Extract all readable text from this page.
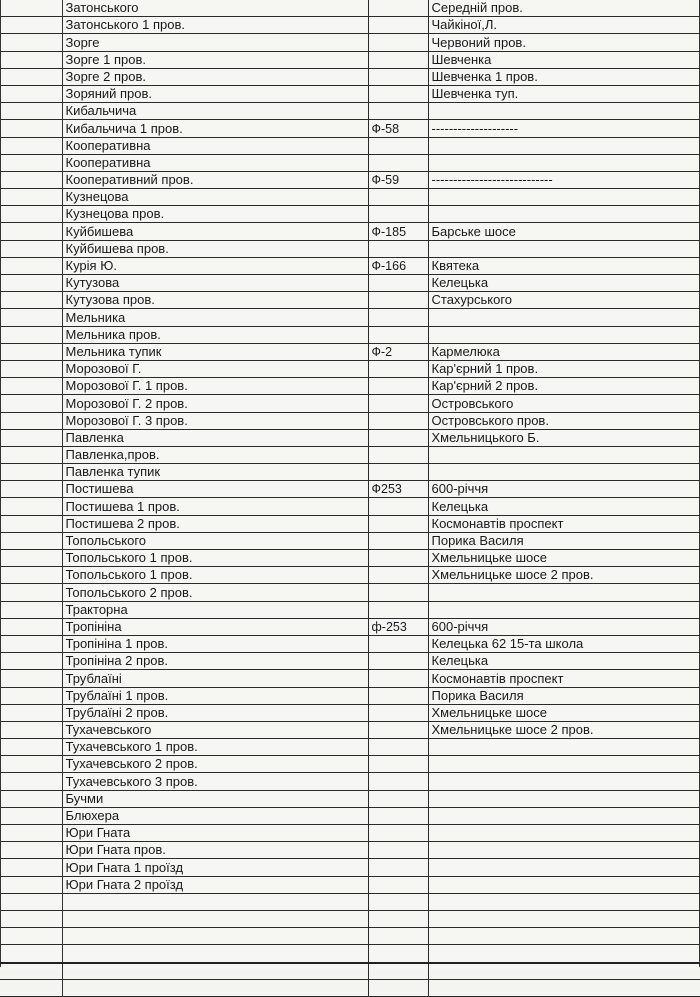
	Затонського		Середній пров.
	Затонського 1 пров.		Чайкіної,Л.
	Зорге		Червоний пров.
	Зорге 1 пров.		Шевченка
	Зорге 2 пров.		Шевченка 1 пров.
	Зоряний пров.		Шевченка туп.
	Кибальчича		
	Кибальчича 1 пров.	Ф-58	--------------------
	Кооперативна		
	Кооперативна		
	Кооперативний пров.	Ф-59	----------------------------
	Кузнецова		
	Кузнецова пров.		
	Куйбишева	Ф-185	Барське шосе
	Куйбишева пров.		
	Курія Ю.	Ф-166	Квятека
	Кутузова		Келецька
	Кутузова пров.		Стахурського
	Мельника		
	Мельника пров.		
	Мельника тупик	Ф-2	Кармелюка
	Морозової Г.		Кар'єрний 1 пров.
	Морозової Г. 1 пров.		Кар'єрний 2 пров.
	Морозової Г. 2 пров.		Островського
	Морозової Г. 3 пров.		Островського пров.
	Павленка		Хмельницького Б.
	Павленка,пров.		
	Павленка тупик		
	Постишева	Ф253	600-річчя
	Постишева 1 пров.		Келецька
	Постишева 2 пров.		Космонавтів проспект
	Топольського		Порика Василя
	Топольського 1 пров.		Хмельницьке шосе
	Топольського 1 пров.		Хмельницьке шосе 2 пров.
	Топольського 2 пров.		
	Тракторна		
	Тропініна	ф-253	600-річчя
	Тропініна 1 пров.		Келецька 62 15-та школа
	Тропініна 2 пров.		Келецька
	Трублаїні		Космонавтів проспект
	Трублаїні 1 пров.		Порика Василя
	Трублаїні 2 пров.		Хмельницьке шосе
	Тухачевського		Хмельницьке шосе 2 пров.
	Тухачевського 1 пров.		
	Тухачевського 2 пров.		
	Тухачевського 3 пров.		
	Бучми		
	Блюхера		
	Юри Гната		
	Юри Гната пров.		
	Юри Гната 1 проїзд		
	Юри Гната 2 проїзд		
